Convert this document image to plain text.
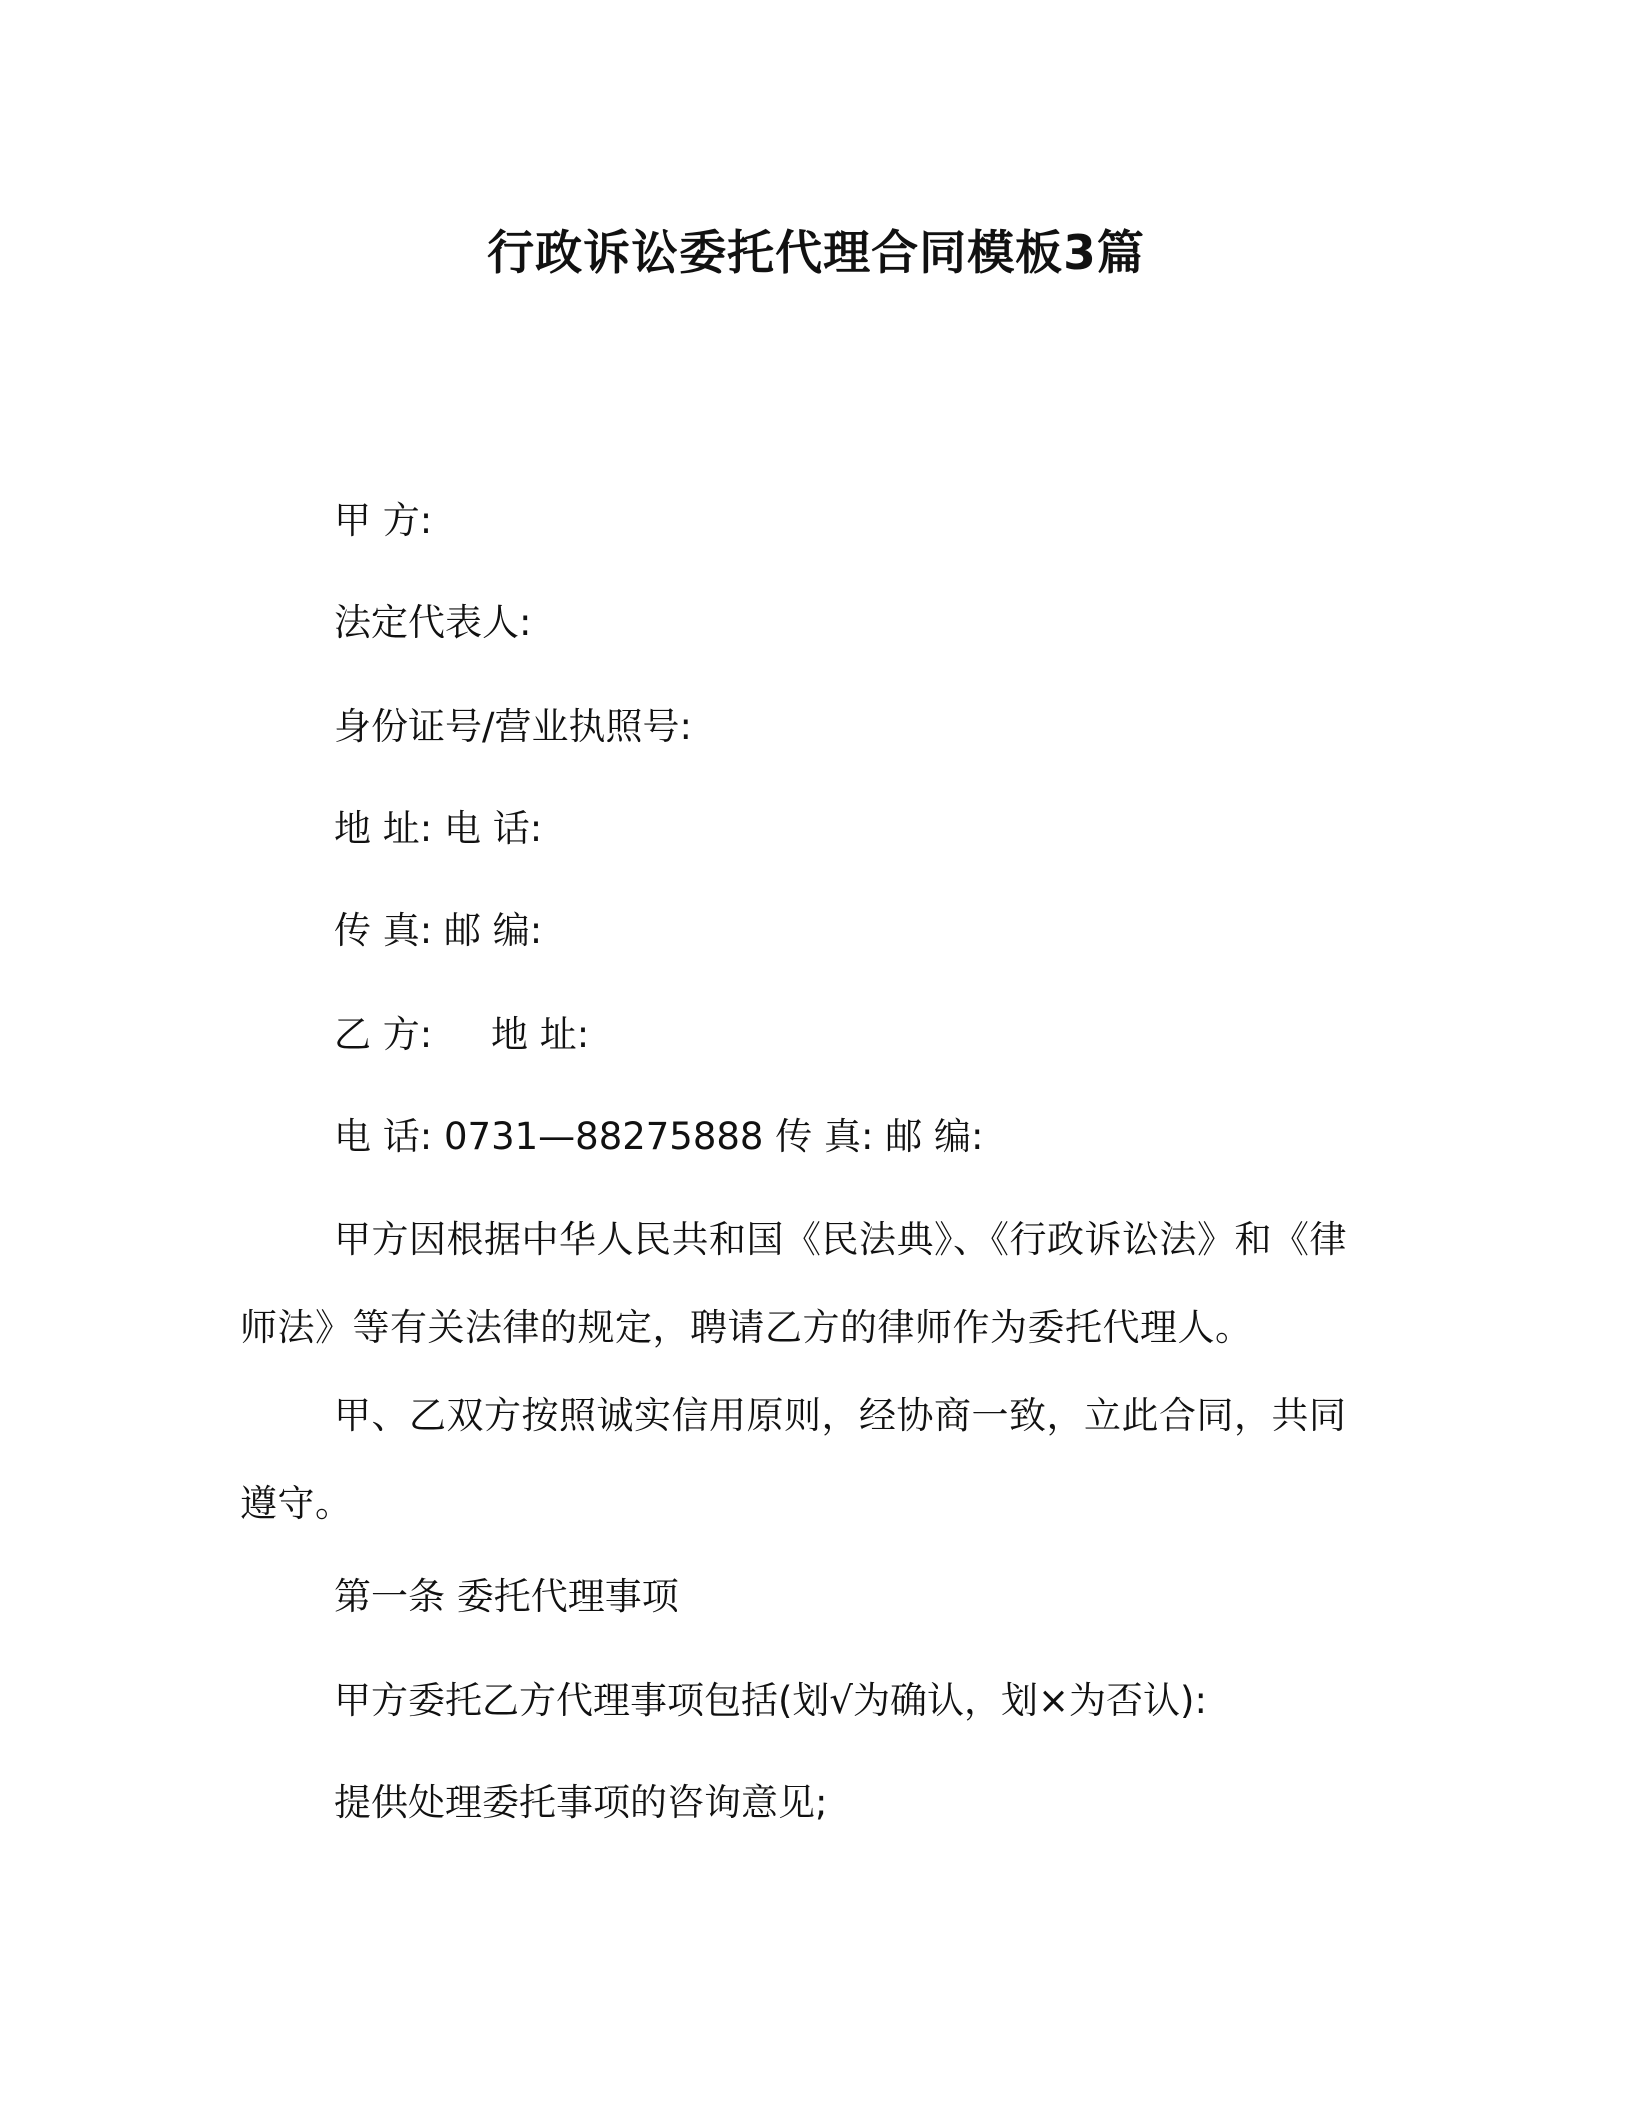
行政诉讼委托代理合同模板3篇
甲 方:
法定代表人:
身份证号/营业执照号:
地 址: 电 话:
传 真: 邮 编:
乙 方:     地 址:
电 话: 0731—88275888 传 真: 邮 编:
甲方因根据中华人民共和国《民法典》、《行政诉讼法》和《律师法》等有关法律的规定，聘请乙方的律师作为委托代理人。
甲、乙双方按照诚实信用原则，经协商一致，立此合同，共同遵守。
第一条 委托代理事项
甲方委托乙方代理事项包括(划√为确认，划×为否认):
提供处理委托事项的咨询意见;
